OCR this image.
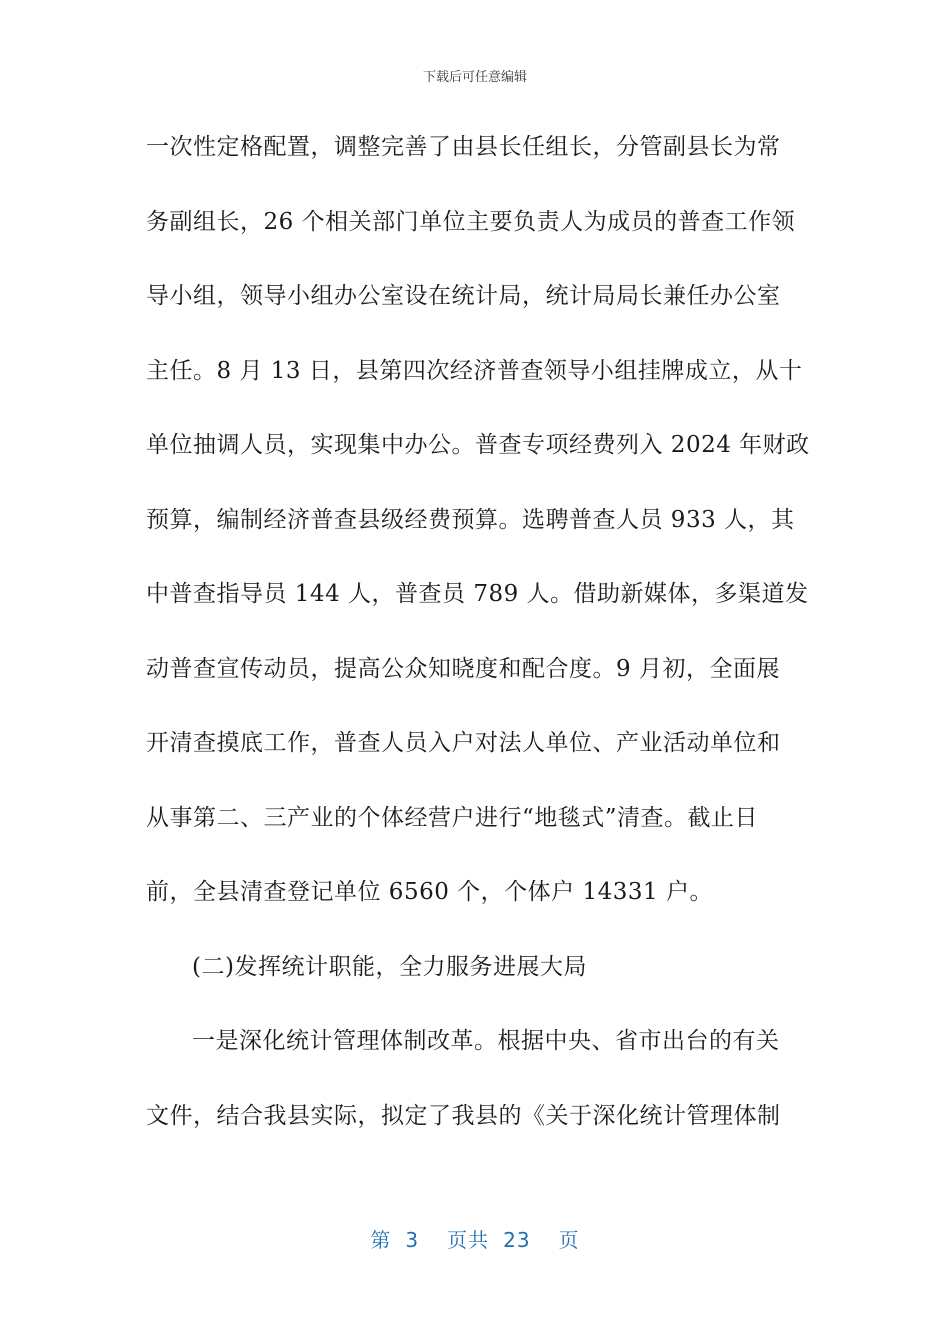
下载后可任意编辑
一次性定格配置，调整完善了由县长任组长，分管副县长为常
务副组长，26 个相关部门单位主要负责人为成员的普查工作领
导小组，领导小组办公室设在统计局，统计局局长兼任办公室
主任。8 月 13 日，县第四次经济普查领导小组挂牌成立，从十
单位抽调人员，实现集中办公。普查专项经费列入 2024 年财政
预算，编制经济普查县级经费预算。选聘普查人员 933 人，其
中普查指导员 144 人，普查员 789 人。借助新媒体，多渠道发
动普查宣传动员，提高公众知晓度和配合度。9 月初，全面展
开清查摸底工作，普查人员入户对法人单位、产业活动单位和
从事第二、三产业的个体经营户进行“地毯式”清查。截止日
前，全县清查登记单位 6560 个，个体户 14331 户。
(二)发挥统计职能，全力服务进展大局
一是深化统计管理体制改革。根据中央、省市出台的有关
文件，结合我县实际，拟定了我县的《关于深化统计管理体制
第 3 页共 23 页
